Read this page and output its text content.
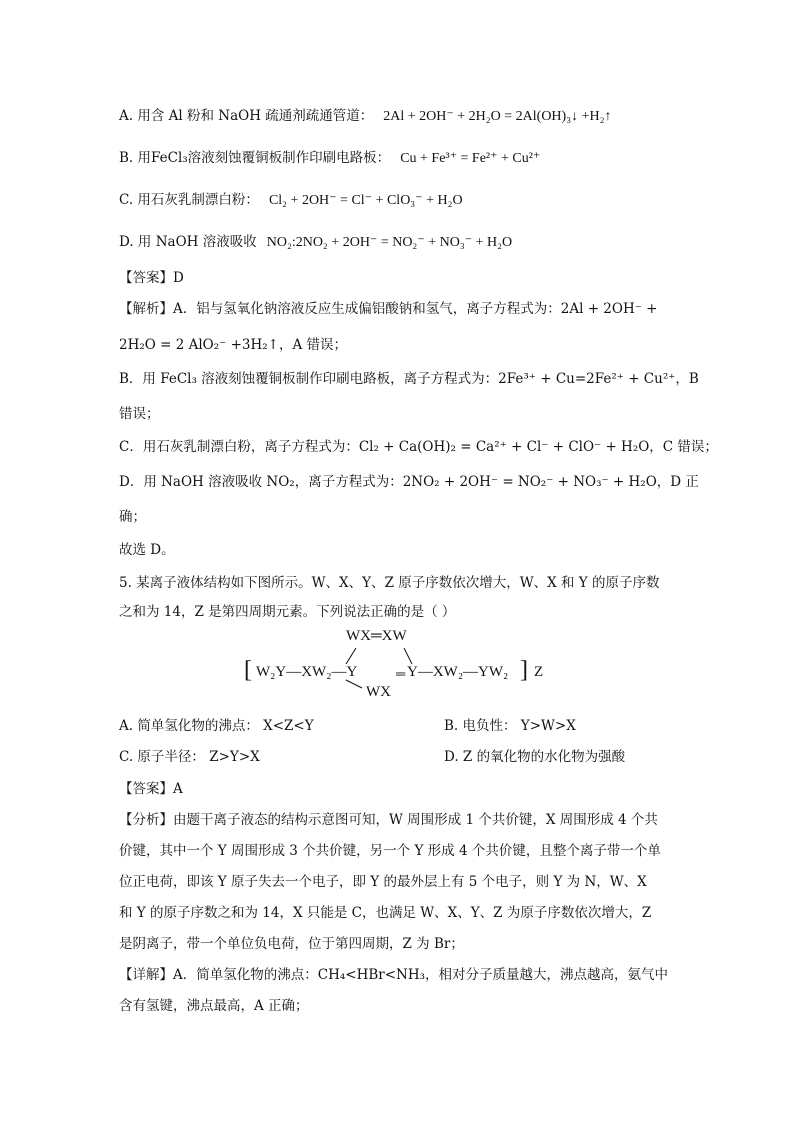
A. 用含 Al 粉和 NaOH 疏通剂疏通管道： 2Al + 2OH⁻ + 2H₂O = 2Al(OH)₃↓ +H₂↑
B. 用FeCl₃溶液刻蚀覆铜板制作印刷电路板： Cu + Fe³⁺ = Fe²⁺ + Cu²⁺
C. 用石灰乳制漂白粉： Cl₂ + 2OH⁻ = Cl⁻ + ClO₃⁻ + H₂O
D. 用 NaOH 溶液吸收 NO₂:2NO₂ + 2OH⁻ = NO₂⁻ + NO₃⁻ + H₂O
【答案】D
【解析】A．铝与氢氧化钠溶液反应生成偏铝酸钠和氢气，离子方程式为：2Al + 2OH⁻ +
2H₂O = 2 AlO₂⁻ +3H₂↑，A 错误；
B．用 FeCl₃ 溶液刻蚀覆铜板制作印刷电路板，离子方程式为：2Fe³⁺ + Cu=2Fe²⁺ + Cu²⁺，B
错误；
C．用石灰乳制漂白粉，离子方程式为：Cl₂ + Ca(OH)₂ = Ca²⁺ + Cl⁻ + ClO⁻ + H₂O，C 错误；
D．用 NaOH 溶液吸收 NO₂，离子方程式为：2NO₂ + 2OH⁻ = NO₂⁻ + NO₃⁻ + H₂O，D 正
确；
故选 D。
5. 某离子液体结构如下图所示。W、X、Y、Z 原子序数依次增大，W、X 和 Y 的原子序数
之和为 14，Z 是第四周期元素。下列说法正确的是（ ）
WX═XW
[ W₂Y—XW₂—Y	═ Y—XW₂—YW₂ ] Z
WX
A. 简单氢化物的沸点： X<Z<Y	B. 电负性： Y>W>X
C. 原子半径： Z>Y>X	D. Z 的氧化物的水化物为强酸
【答案】A
【分析】由题干离子液态的结构示意图可知，W 周围形成 1 个共价键，X 周围形成 4 个共
价键，其中一个 Y 周围形成 3 个共价键，另一个 Y 形成 4 个共价键，且整个离子带一个单
位正电荷，即该 Y 原子失去一个电子，即 Y 的最外层上有 5 个电子，则 Y 为 N，W、X
和 Y 的原子序数之和为 14，X 只能是 C，也满足 W、X、Y、Z 为原子序数依次增大，Z
是阴离子，带一个单位负电荷，位于第四周期，Z 为 Br；
【详解】A．简单氢化物的沸点：CH₄<HBr<NH₃，相对分子质量越大，沸点越高，氨气中
含有氢键，沸点最高，A 正确；
